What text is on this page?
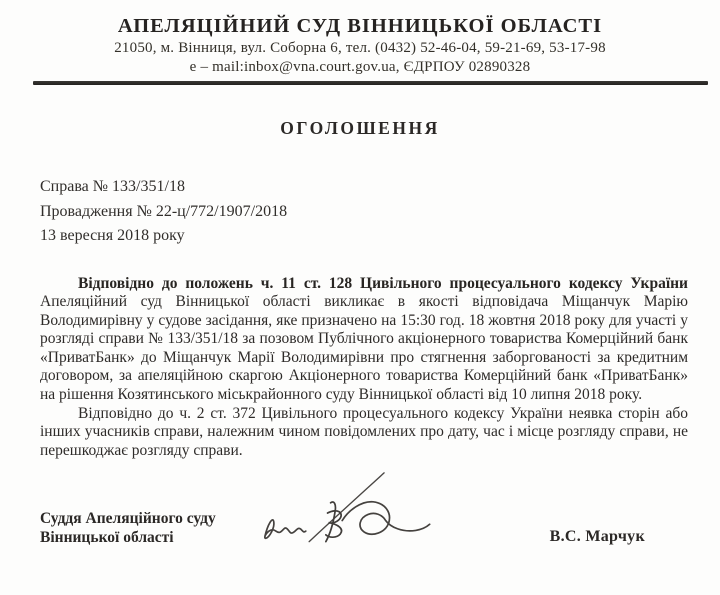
АПЕЛЯЦІЙНИЙ СУД ВІННИЦЬКОЇ ОБЛАСТІ
21050, м. Вінниця, вул. Соборна 6, тел. (0432) 52-46-04, 59-21-69, 53-17-98
e – mail:inbox@vna.court.gov.ua, ЄДРПОУ 02890328
ОГОЛОШЕННЯ
Справа № 133/351/18
Провадження № 22-ц/772/1907/2018
13 вересня 2018 року

Відповідно до положень ч. 11 ст. 128 Цивільного процесуального кодексу України Апеляційний суд Вінницької області викликає в якості відповідача Міщанчук Марію Володимирівну у судове засідання, яке призначено на 15:30 год. 18 жовтня 2018 року для участі у розгляді справи № 133/351/18 за позовом Публічного акціонерного товариства Комерційний банк «ПриватБанк» до Міщанчук Марії Володимирівни про стягнення заборгованості за кредитним договором, за апеляційною скаргою Акціонерного товариства Комерційний банк «ПриватБанк» на рішення Козятинського міськрайонного суду Вінницької області від 10 липня 2018 року.

Відповідно до ч. 2 ст. 372 Цивільного процесуального кодексу України неявка сторін або інших учасників справи, належним чином повідомлених про дату, час і місце розгляду справи, не перешкоджає розгляду справи.

Суддя Апеляційного суду
Вінницької області	В.С. Марчук
